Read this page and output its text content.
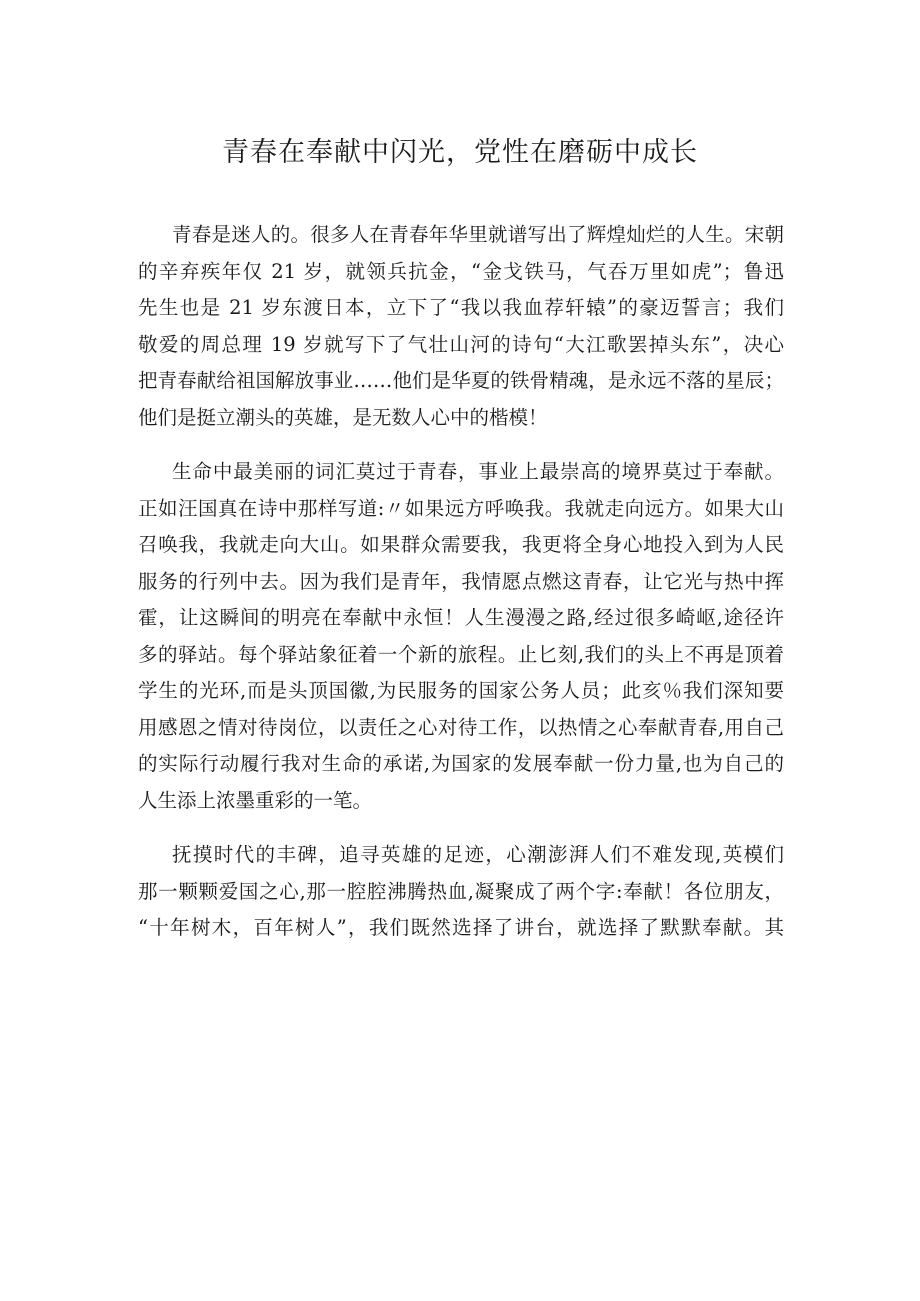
青春在奉献中闪光，党性在磨砺中成长

青春是迷人的。很多人在青春年华里就谱写出了辉煌灿烂的人生。宋朝
的辛弃疾年仅 21 岁，就领兵抗金，“金戈铁马，气吞万里如虎”；鲁迅
先生也是 21 岁东渡日本，立下了“我以我血荐轩辕”的豪迈誓言；我们
敬爱的周总理 19 岁就写下了气壮山河的诗句“大江歌罢掉头东”，决心
把青春献给祖国解放事业……他们是华夏的铁骨精魂，是永远不落的星辰；
他们是挺立潮头的英雄，是无数人心中的楷模！

生命中最美丽的词汇莫过于青春，事业上最崇高的境界莫过于奉献。
正如汪国真在诗中那样写道:〃如果远方呼唤我。我就走向远方。如果大山
召唤我，我就走向大山。如果群众需要我，我更将全身心地投入到为人民
服务的行列中去。因为我们是青年，我情愿点燃这青春，让它光与热中挥
霍，让这瞬间的明亮在奉献中永恒！人生漫漫之路,经过很多崎岖,途径许
多的驿站。每个驿站象征着一个新的旅程。止匕刻,我们的头上不再是顶着
学生的光环,而是头顶国徽,为民服务的国家公务人员；此亥％我们深知要
用感恩之情对待岗位，以责任之心对待工作，以热情之心奉献青春,用自己
的实际行动履行我对生命的承诺,为国家的发展奉献一份力量,也为自己的
人生添上浓墨重彩的一笔。

抚摸时代的丰碑，追寻英雄的足迹，心潮澎湃人们不难发现,英模们
那一颗颗爱国之心,那一腔腔沸腾热血,凝聚成了两个字:奉献！各位朋友，
“十年树木，百年树人”，我们既然选择了讲台，就选择了默默奉献。其
